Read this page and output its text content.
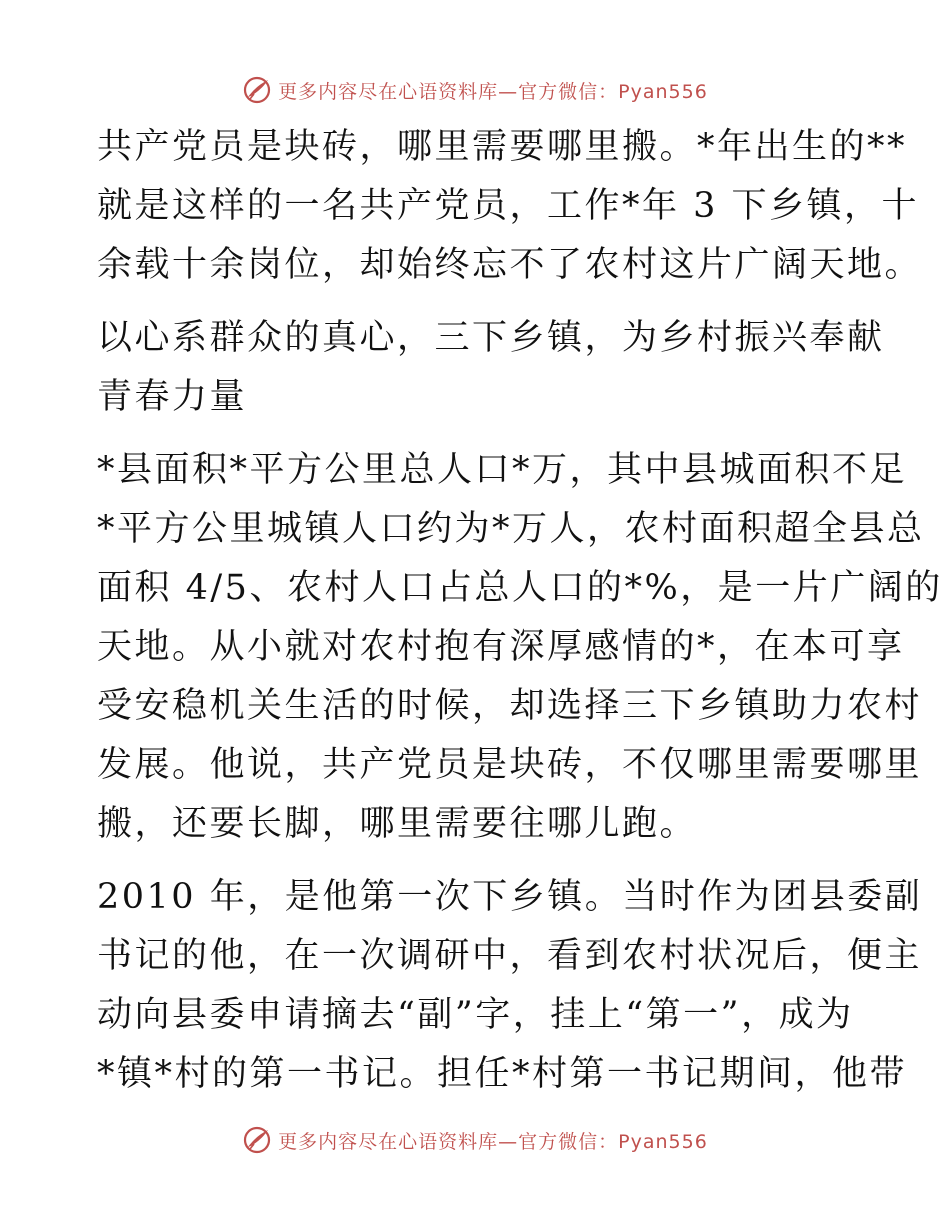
更多内容尽在心语资料库—官方微信：Pyan556

共产党员是块砖，哪里需要哪里搬。*年出生的**
就是这样的一名共产党员，工作*年 3 下乡镇，十
余载十余岗位，却始终忘不了农村这片广阔天地。

以心系群众的真心，三下乡镇，为乡村振兴奉献
青春力量

*县面积*平方公里总人口*万，其中县城面积不足
*平方公里城镇人口约为*万人，农村面积超全县总
面积 4/5、农村人口占总人口的*%，是一片广阔的
天地。从小就对农村抱有深厚感情的*，在本可享
受安稳机关生活的时候，却选择三下乡镇助力农村
发展。他说，共产党员是块砖，不仅哪里需要哪里
搬，还要长脚，哪里需要往哪儿跑。

2010 年，是他第一次下乡镇。当时作为团县委副
书记的他，在一次调研中，看到农村状况后，便主
动向县委申请摘去“副”字，挂上“第一”，成为
*镇*村的第一书记。担任*村第一书记期间，他带

更多内容尽在心语资料库—官方微信：Pyan556
